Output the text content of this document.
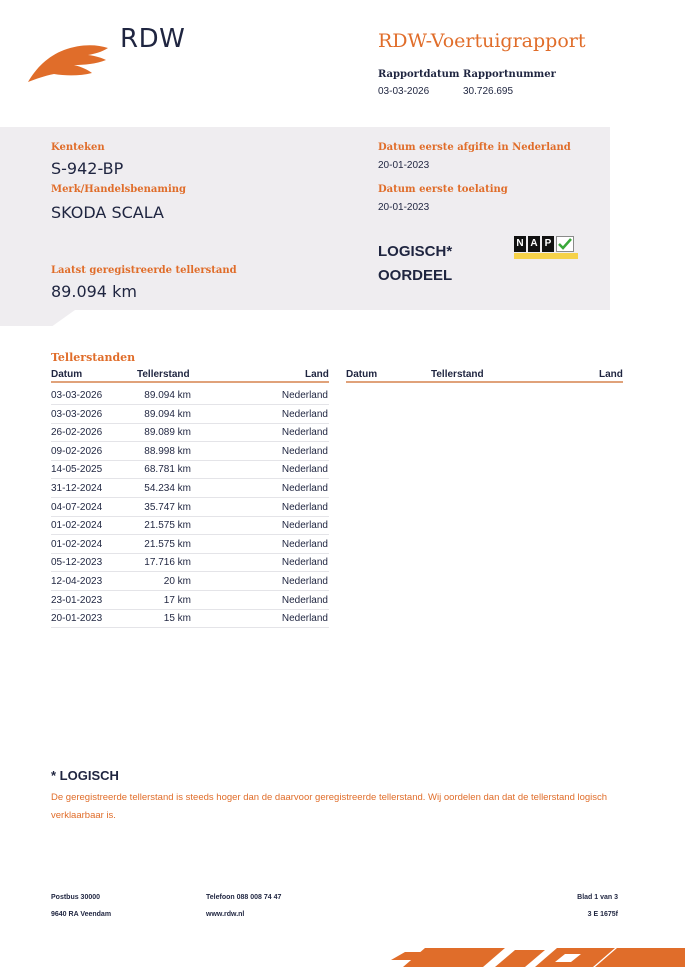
RDW	RDW-Voertuigrapport
Rapportdatum Rapportnummer
03-03-2026	30.726.695
Kenteken
S-942-BP
Merk/Handelsbenaming
SKODA SCALA
Laatst geregistreerde tellerstand
89.094 km
Datum eerste afgifte in Nederland
20-01-2023
Datum eerste toelating
20-01-2023
LOGISCH*
OORDEEL
N A P
Tellerstanden
Datum	Tellerstand	Land Datum	Tellerstand	Land
03-03-2026	89.094 km	Nederland
03-03-2026	89.094 km	Nederland
26-02-2026	89.089 km	Nederland
09-02-2026	88.998 km	Nederland
14-05-2025	68.781 km	Nederland
31-12-2024	54.234 km	Nederland
04-07-2024	35.747 km	Nederland
01-02-2024	21.575 km	Nederland
01-02-2024	21.575 km	Nederland
05-12-2023	17.716 km	Nederland
12-04-2023	20 km	Nederland
23-01-2023	17 km	Nederland
20-01-2023	15 km	Nederland
* LOGISCH
De geregistreerde tellerstand is steeds hoger dan de daarvoor geregistreerde tellerstand. Wij oordelen dan dat de tellerstand logisch verklaarbaar is.
Postbus 30000
9640 RA Veendam
Telefoon 088 008 74 47
www.rdw.nl
Blad 1 van 3
3 E 1675f
